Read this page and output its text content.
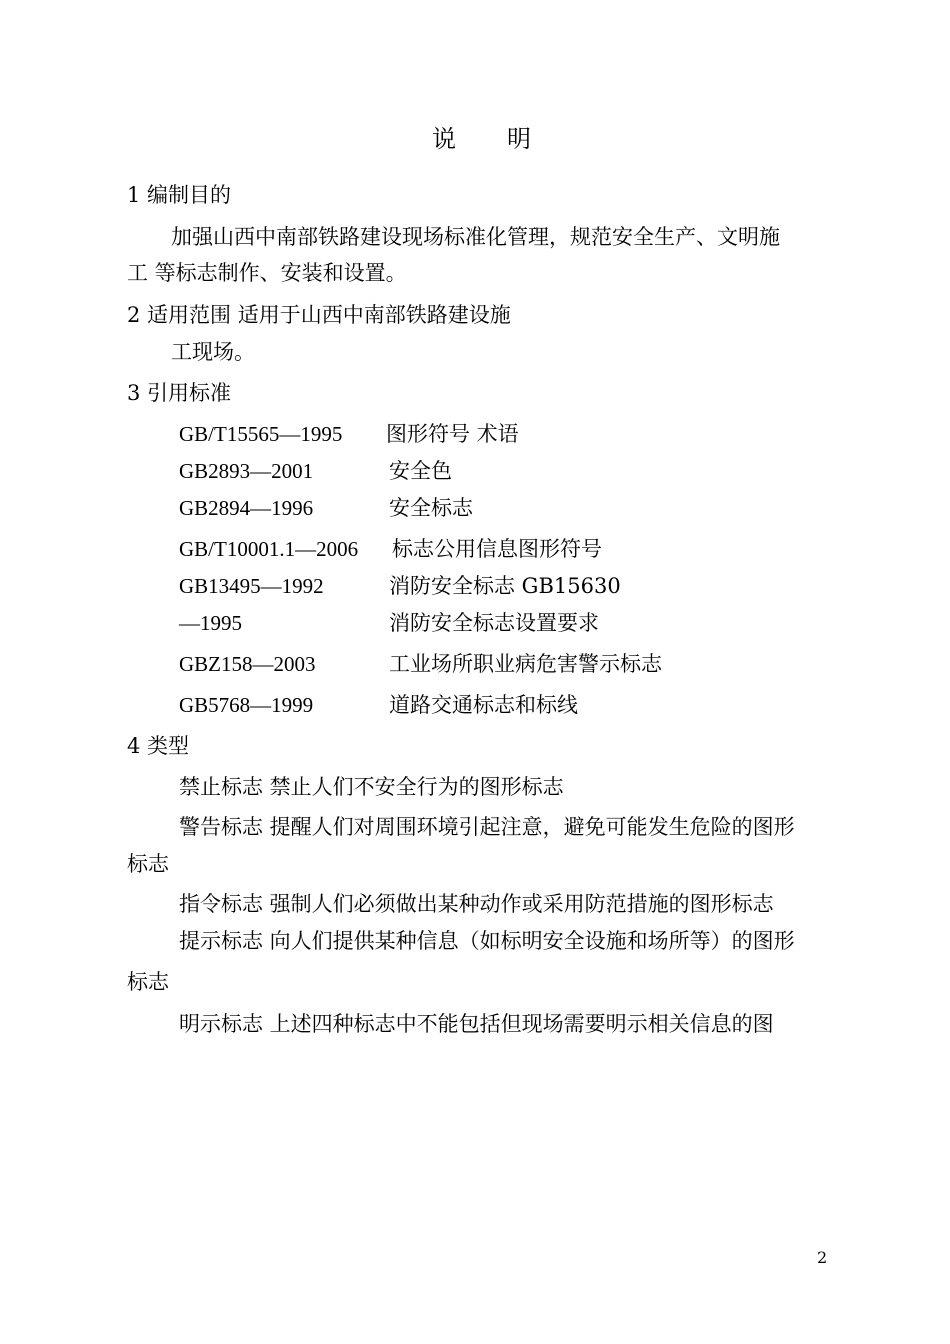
说　　明
1 编制目的
加强山西中南部铁路建设现场标准化管理，规范安全生产、文明施
工 等标志制作、安装和设置。
2 适用范围 适用于山西中南部铁路建设施
工现场。
3 引用标准
GB/T15565—1995 图形符号 术语
GB2893—2001	安全色
GB2894—1996	安全标志
GB/T10001.1—2006 标志公用信息图形符号
GB13495—1992	消防安全标志 GB15630
—1995	消防安全标志设置要求
GBZ158—2003	工业场所职业病危害警示标志
GB5768—1999	道路交通标志和标线
4 类型
禁止标志 禁止人们不安全行为的图形标志
警告标志 提醒人们对周围环境引起注意，避免可能发生危险的图形
标志
指令标志 强制人们必须做出某种动作或采用防范措施的图形标志
提示标志 向人们提供某种信息（如标明安全设施和场所等）的图形
标志
明示标志 上述四种标志中不能包括但现场需要明示相关信息的图
2
